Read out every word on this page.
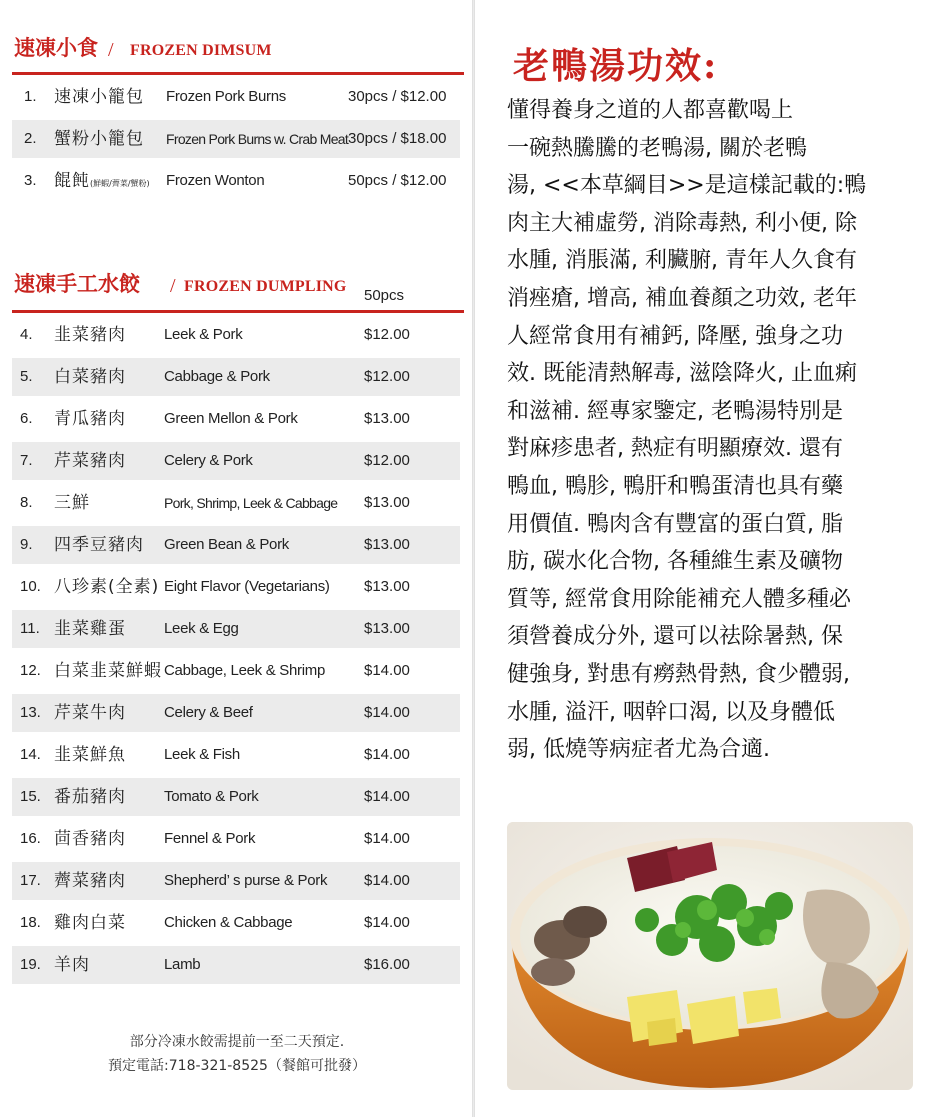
速凍小食 / FROZEN DIMSUM
1. 速凍小籠包 Frozen Pork Burns	30pcs / $12.00
2. 蟹粉小籠包 Frozen Pork Burns w. Crab Meat 30pcs / $18.00
3. 餛飩(鮮蝦/薺菜/蟹粉) Frozen Wonton	50pcs / $12.00
速凍手工水餃 / FROZEN DUMPLING
50pcs
4. 韭菜豬肉	Leek & Pork	$12.00
5. 白菜豬肉	Cabbage & Pork	$12.00
6. 青瓜豬肉	Green Mellon & Pork	$13.00
7. 芹菜豬肉	Celery & Pork	$12.00
8. 三鮮	Pork, Shrimp, Leek & Cabbage $13.00
9. 四季豆豬肉 Green Bean & Pork	$13.00
10. 八珍素(全素) Eight Flavor (Vegetarians) $13.00
11. 韭菜雞蛋	Leek & Egg	$13.00
12. 白菜韭菜鮮蝦 Cabbage, Leek & Shrimp	$14.00
13. 芹菜牛肉	Celery & Beef	$14.00
14. 韭菜鮮魚	Leek & Fish	$14.00
15. 番茄豬肉	Tomato & Pork	$14.00
16. 茴香豬肉	Fennel & Pork	$14.00
17. 薺菜豬肉	Shepherd’ s purse & Pork $14.00
18. 雞肉白菜	Chicken & Cabbage	$14.00
19. 羊肉	Lamb	$16.00
部分冷凍水餃需提前一至二天預定.
預定電話:718-321-8525（餐館可批發）
老鴨湯功效:
懂得養身之道的人都喜歡喝上
一碗熱騰騰的老鴨湯, 關於老鴨
湯, <<本草綱目>>是這樣記載的:鴨
肉主大補虛勞, 消除毒熱, 利小便, 除
水腫, 消脹滿, 利臟腑, 青年人久食有
消痤瘡, 增高, 補血養顏之功效, 老年
人經常食用有補鈣, 降壓, 強身之功
效. 既能清熱解毒, 滋陰降火, 止血痢
和滋補. 經專家鑒定, 老鴨湯特別是
對麻疹患者, 熱症有明顯療效. 還有
鴨血, 鴨胗, 鴨肝和鴨蛋清也具有藥
用價值. 鴨肉含有豐富的蛋白質, 脂
肪, 碳水化合物, 各種維生素及礦物
質等, 經常食用除能補充人體多種必
須營養成分外, 還可以祛除暑熱, 保
健強身, 對患有癆熱骨熱, 食少體弱,
水腫, 溢汗, 咽幹口渴, 以及身體低
弱, 低燒等病症者尤為合適.
